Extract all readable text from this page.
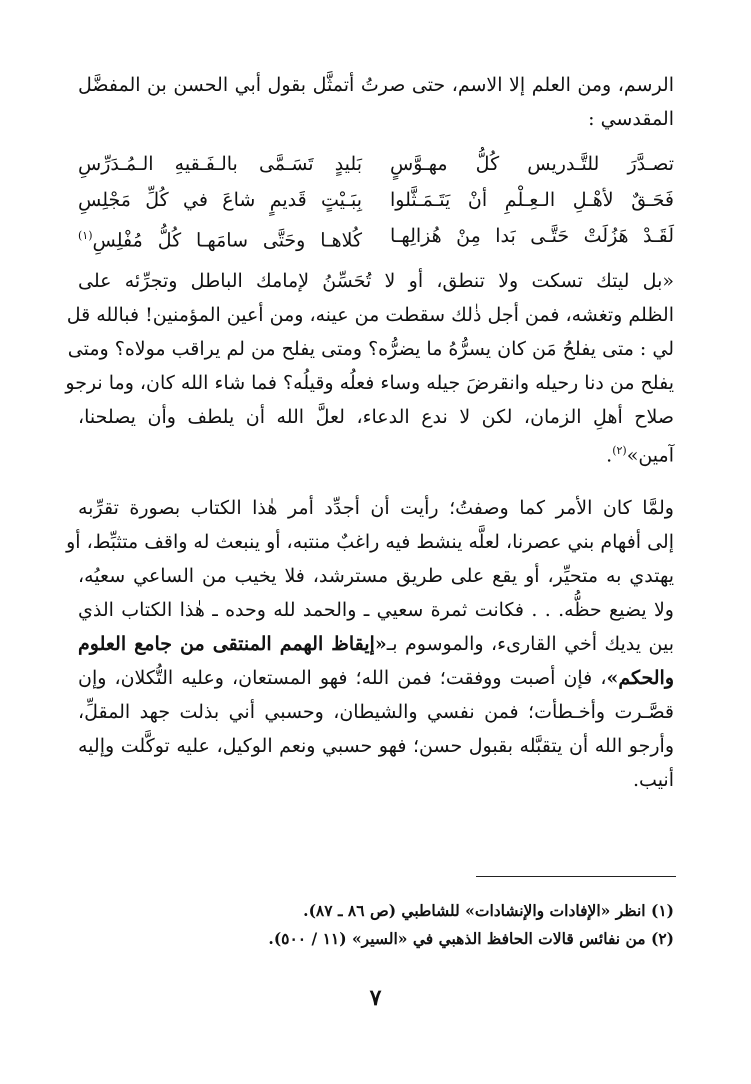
الرسم، ومن العلم إلا الاسم، حتى صرتُ أتمثَّل بقول أبي الحسن بن المفضَّل
المقدسي :
تصـدَّرَ للتَّـدريس كُلُّ مهـوَّسٍ
بَليدٍ تَسَـمَّى بالـفَـقيهِ الـمُـدَرِّسِ
فَحَـقٌ لأهْـلِ الـعِـلْمِ أنْ يَتَـمَـثَّلوا
بِبَـيْتٍ قَديمٍ شاعَ في كُلِّ مَجْلِسِ
لَقَـدْ هَزُلَتْ حَتَّـى بَدا مِنْ هُزالِهـا
كُلاهـا وحَتَّى سامَهـا كُلُّ مُفْلِسِ$^{(١)}$
«بل ليتك تسكت ولا تنطق، أو لا تُحَسِّنُ لإمامك الباطل وتجرِّئه على
الظلم وتغشه، فمن أجل ذٰلك سقطت من عينه، ومن أعين المؤمنين! فبالله قل
لي : متى يفلحُ مَن كان يسرُّهُ ما يضرُّه؟ ومتى يفلح من لم يراقب مولاه؟ ومتى
يفلح من دنا رحيله وانقرضَ جيله وساء فعلُه وقيلُه؟ فما شاء الله كان، وما نرجو
صلاح أهلِ الزمان، لكن لا ندع الدعاء، لعلَّ الله أن يلطف وأن يصلحنا،
آمين»$^{(٢)}$.
ولمَّا كان الأمر كما وصفتُ؛ رأيت أن أجدِّد أمر هٰذا الكتاب بصورة تقرِّبه
إلى أفهام بني عصرنا، لعلَّه ينشط فيه راغبٌ منتبه، أو ينبعث له واقف متثبِّط، أو
يهتدي به متحيِّر، أو يقع على طريق مسترشد، فلا يخيب من الساعي سعيُه،
ولا يضيع حظُّه. . . فكانت ثمرة سعيي ـ والحمد لله وحده ـ هٰذا الكتاب الذي
بين يديك أخي القارىء، والموسوم بـ«إيقاظ الهمم المنتقى من جامع العلوم
والحكم»، فإن أصبت ووفقت؛ فمن الله؛ فهو المستعان، وعليه التُّكلان، وإن
قصَّـرت وأخـطأت؛ فمن نفسي والشيطان، وحسبي أني بذلت جهد المقلِّ،
وأرجو الله أن يتقبَّله بقبول حسن؛ فهو حسبي ونعم الوكيل، عليه توكَّلت وإليه
أنيب.
(١) انظر «الإفادات والإنشادات» للشاطبي (ص ٨٦ ـ ٨٧).
(٢) من نفائس قالات الحافظ الذهبي في «السير» (١١ / ٥٠٠).
٧
